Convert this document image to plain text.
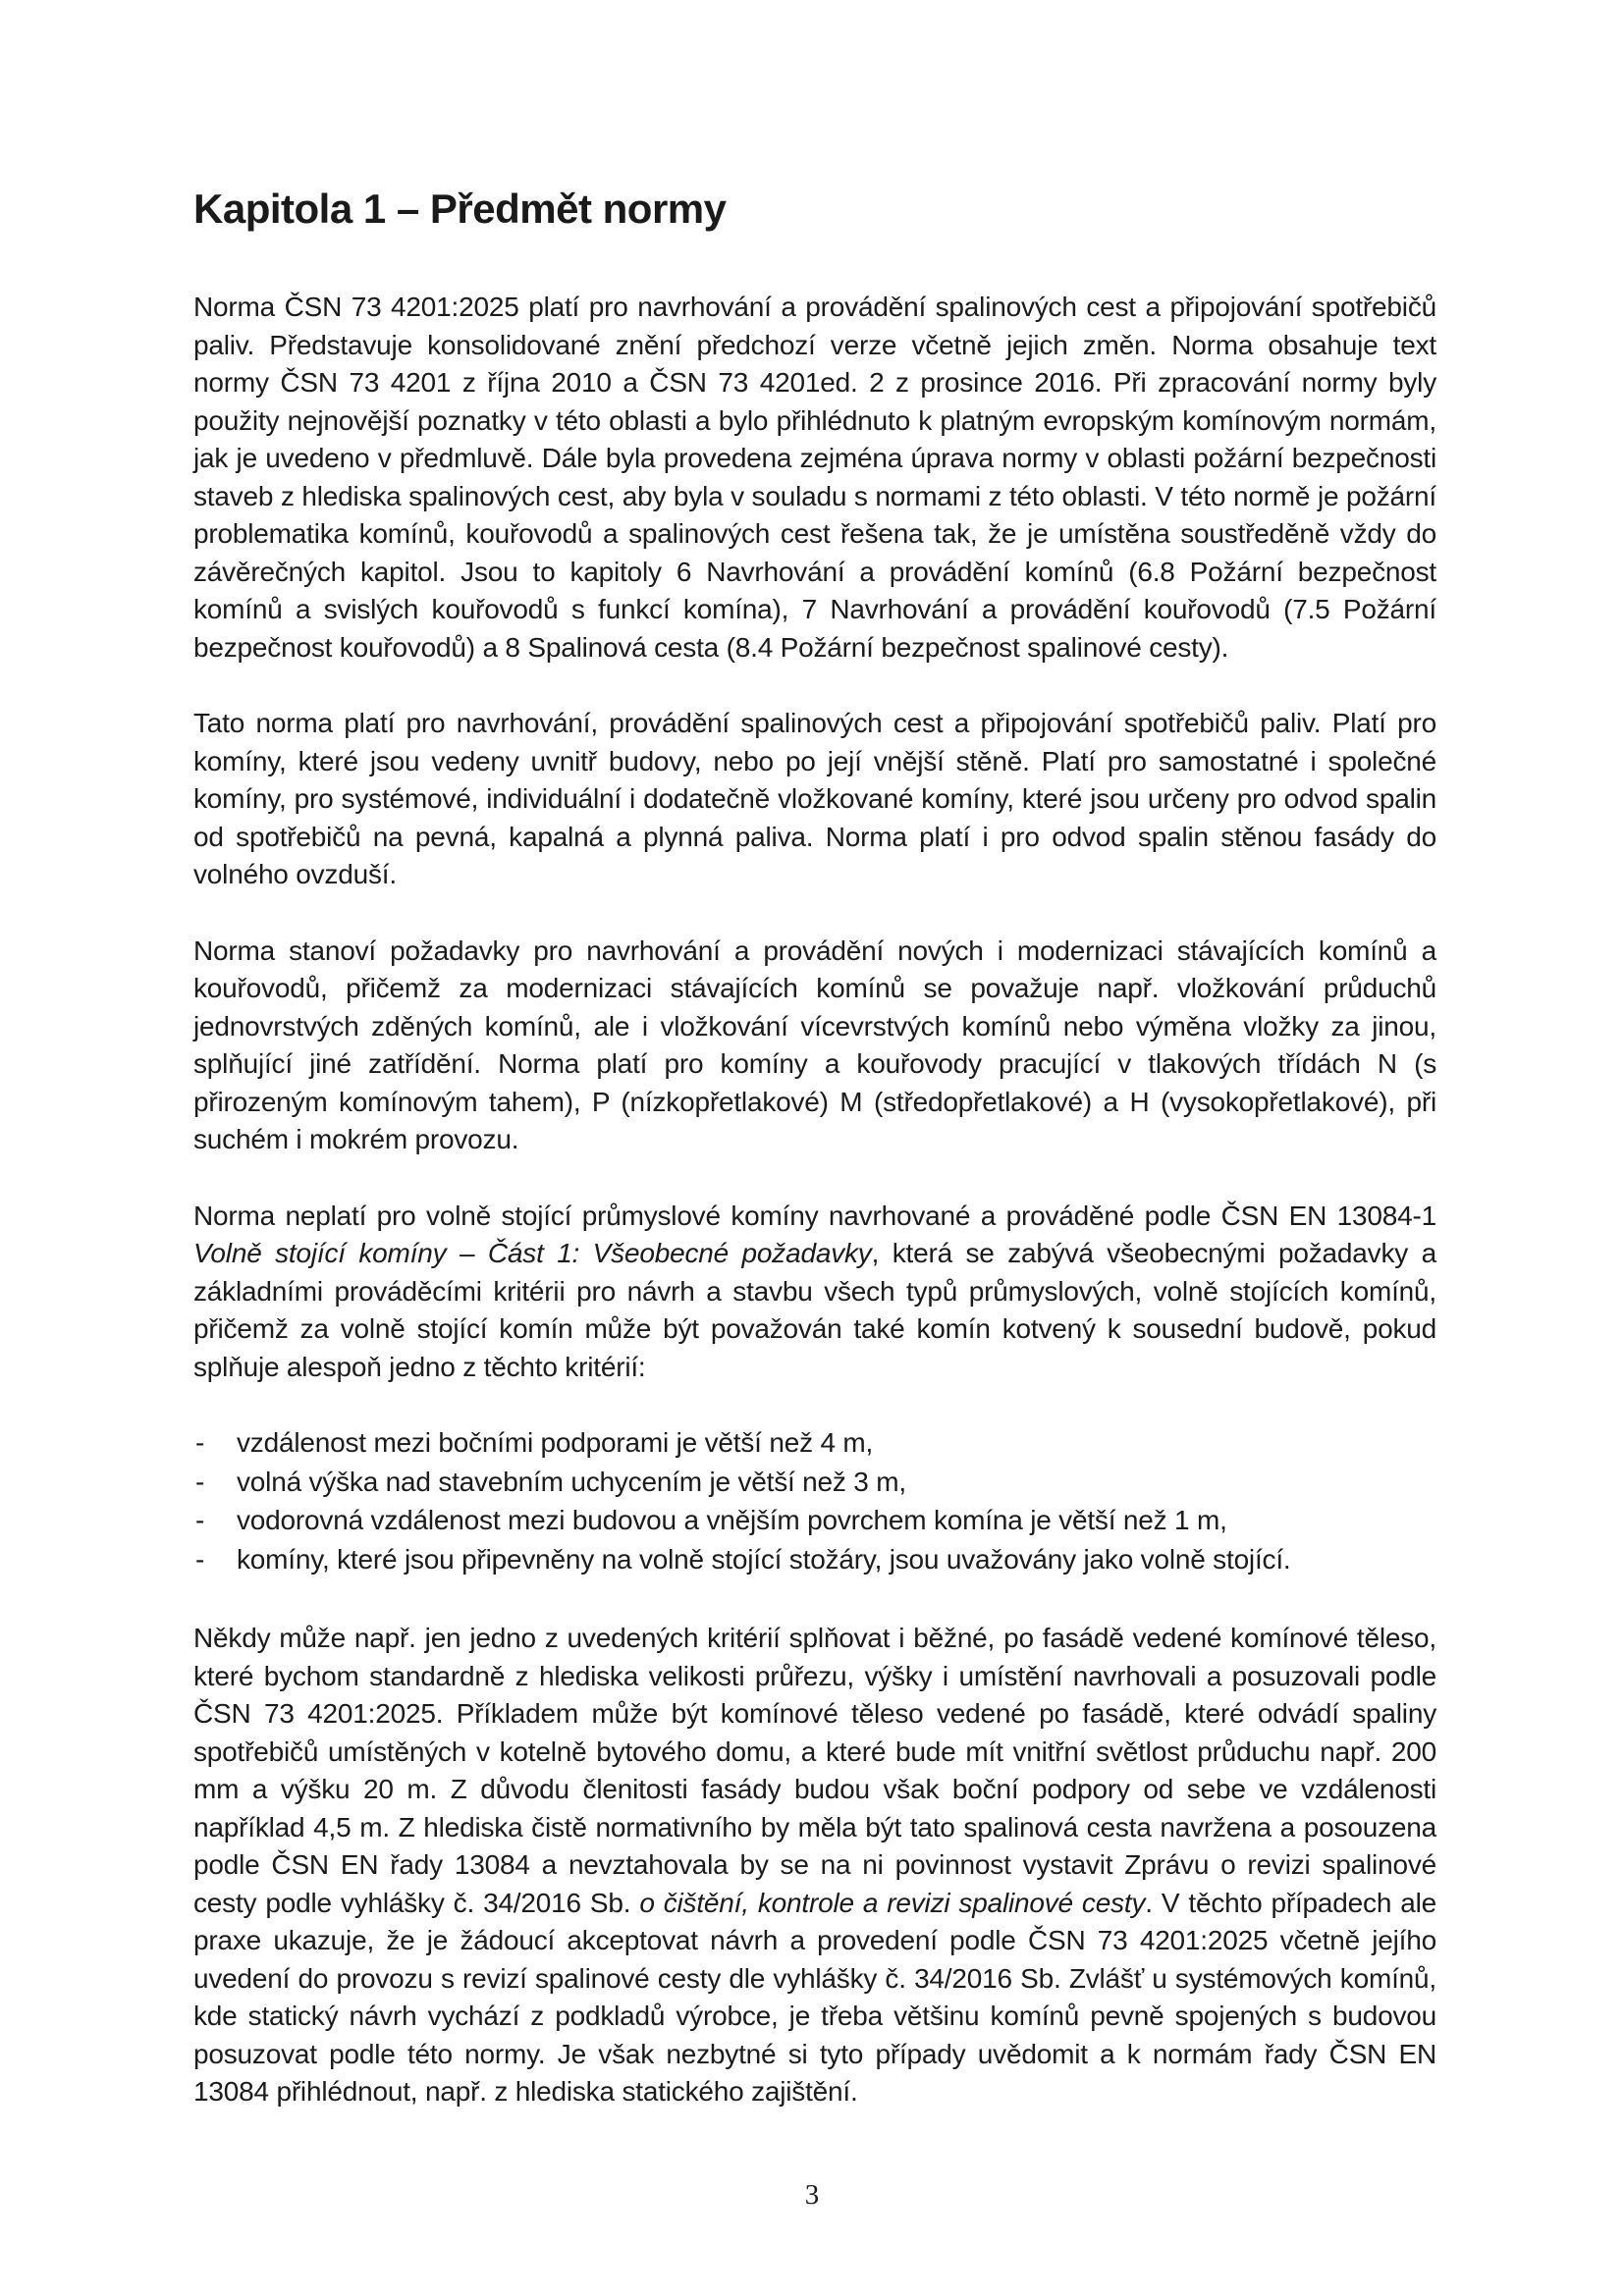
Kapitola 1 – Předmět normy

Norma ČSN 73 4201:2025 platí pro navrhování a provádění spalinových cest a připojování spotřebičů paliv. Představuje konsolidované znění předchozí verze včetně jejich změn. Norma obsahuje text normy ČSN 73 4201 z října 2010 a ČSN 73 4201ed. 2 z prosince 2016. Při zpracování normy byly použity nejnovější poznatky v této oblasti a bylo přihlédnuto k platným evropským komínovým normám, jak je uvedeno v předmluvě. Dále byla provedena zejména úprava normy v oblasti požární bezpečnosti staveb z hlediska spalinových cest, aby byla v souladu s normami z této oblasti. V této normě je požární problematika komínů, kouřovodů a spalinových cest řešena tak, že je umístěna soustředěně vždy do závěrečných kapitol. Jsou to kapitoly 6 Navrhování a provádění komínů (6.8 Požární bezpečnost komínů a svislých kouřovodů s funkcí komína), 7 Navrhování a provádění kouřovodů (7.5 Požární bezpečnost kouřovodů) a 8 Spalinová cesta (8.4 Požární bezpečnost spalinové cesty).

Tato norma platí pro navrhování, provádění spalinových cest a připojování spotřebičů paliv. Platí pro komíny, které jsou vedeny uvnitř budovy, nebo po její vnější stěně. Platí pro samostatné i společné komíny, pro systémové, individuální i dodatečně vložkované komíny, které jsou určeny pro odvod spalin od spotřebičů na pevná, kapalná a plynná paliva. Norma platí i pro odvod spalin stěnou fasády do volného ovzduší.

Norma stanoví požadavky pro navrhování a provádění nových i modernizaci stávajících komínů a kouřovodů, přičemž za modernizaci stávajících komínů se považuje např. vložkování průduchů jednovrstvých zděných komínů, ale i vložkování vícevrstvých komínů nebo výměna vložky za jinou, splňující jiné zatřídění. Norma platí pro komíny a kouřovody pracující v tlakových třídách N (s přirozeným komínovým tahem), P (nízkopřetlakové) M (středopřetlakové) a H (vysokopřetlakové), při suchém i mokrém provozu.

Norma neplatí pro volně stojící průmyslové komíny navrhované a prováděné podle ČSN EN 13084-1 Volně stojící komíny – Část 1: Všeobecné požadavky, která se zabývá všeobecnými požadavky a základními prováděcími kritérii pro návrh a stavbu všech typů průmyslových, volně stojících komínů, přičemž za volně stojící komín může být považován také komín kotvený k sousední budově, pokud splňuje alespoň jedno z těchto kritérií:

- vzdálenost mezi bočními podporami je větší než 4 m,
- volná výška nad stavebním uchycením je větší než 3 m,
- vodorovná vzdálenost mezi budovou a vnějším povrchem komína je větší než 1 m,
- komíny, které jsou připevněny na volně stojící stožáry, jsou uvažovány jako volně stojící.

Někdy může např. jen jedno z uvedených kritérií splňovat i běžné, po fasádě vedené komínové těleso, které bychom standardně z hlediska velikosti průřezu, výšky i umístění navrhovali a posuzovali podle ČSN 73 4201:2025. Příkladem může být komínové těleso vedené po fasádě, které odvádí spaliny spotřebičů umístěných v kotelně bytového domu, a které bude mít vnitřní světlost průduchu např. 200 mm a výšku 20 m. Z důvodu členitosti fasády budou však boční podpory od sebe ve vzdálenosti například 4,5 m. Z hlediska čistě normativního by měla být tato spalinová cesta navržena a posouzena podle ČSN EN řady 13084 a nevztahovala by se na ni povinnost vystavit Zprávu o revizi spalinové cesty podle vyhlášky č. 34/2016 Sb. o čištění, kontrole a revizi spalinové cesty. V těchto případech ale praxe ukazuje, že je žádoucí akceptovat návrh a provedení podle ČSN 73 4201:2025 včetně jejího uvedení do provozu s revizí spalinové cesty dle vyhlášky č. 34/2016 Sb. Zvlášť u systémových komínů, kde statický návrh vychází z podkladů výrobce, je třeba většinu komínů pevně spojených s budovou posuzovat podle této normy. Je však nezbytné si tyto případy uvědomit a k normám řady ČSN EN 13084 přihlédnout, např. z hlediska statického zajištění.

3
